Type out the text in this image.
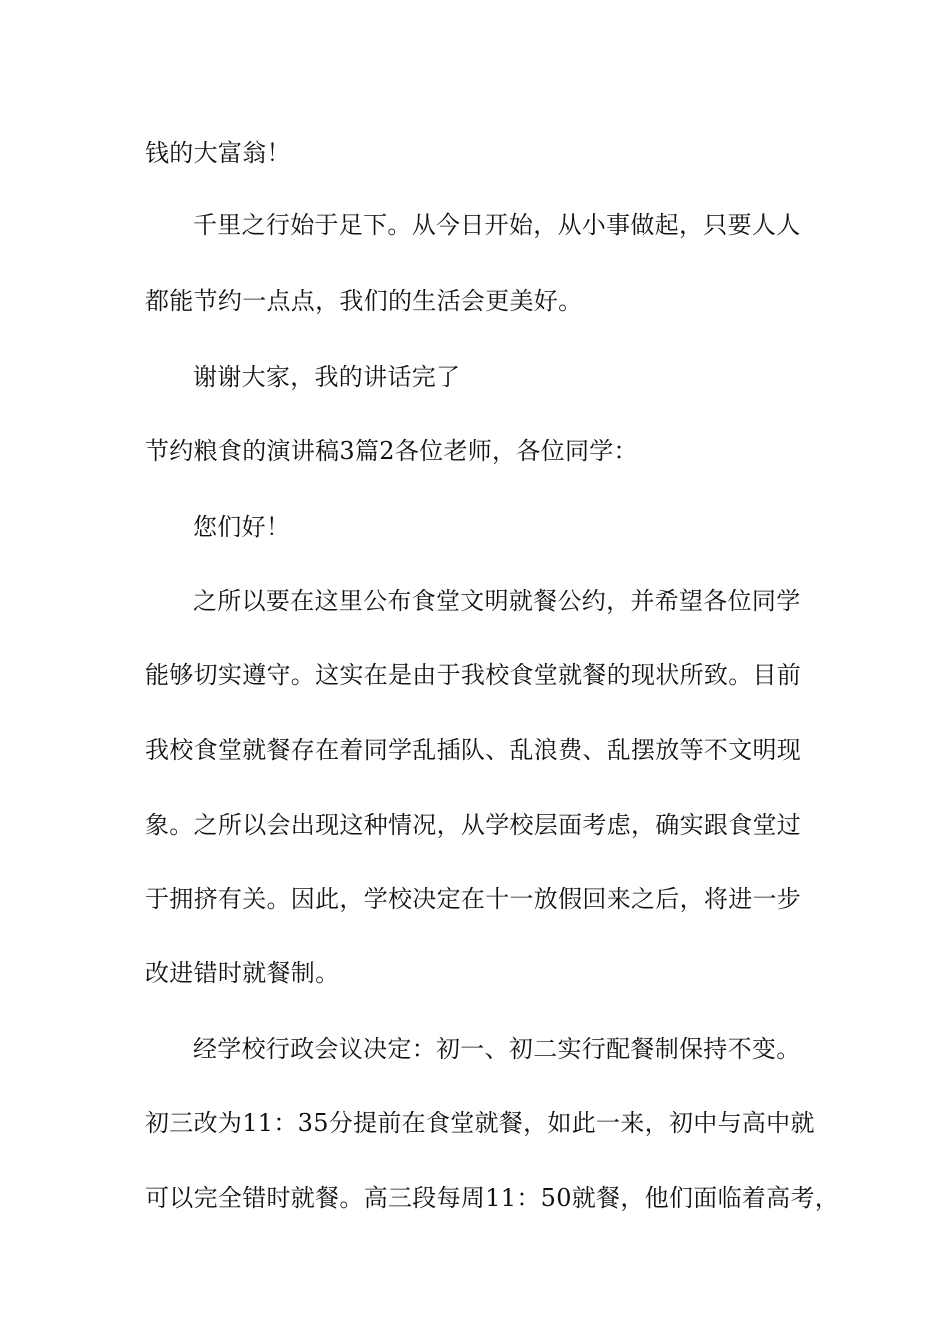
钱的大富翁！
千里之行始于足下。从今日开始，从小事做起，只要人人
都能节约一点点，我们的生活会更美好。
谢谢大家，我的讲话完了
节约粮食的演讲稿3篇2各位老师，各位同学：
您们好！
之所以要在这里公布食堂文明就餐公约，并希望各位同学
能够切实遵守。这实在是由于我校食堂就餐的现状所致。目前
我校食堂就餐存在着同学乱插队、乱浪费、乱摆放等不文明现
象。之所以会出现这种情况，从学校层面考虑，确实跟食堂过
于拥挤有关。因此，学校决定在十一放假回来之后，将进一步
改进错时就餐制。
经学校行政会议决定：初一、初二实行配餐制保持不变。
初三改为11：35分提前在食堂就餐，如此一来，初中与高中就
可以完全错时就餐。高三段每周11：50就餐，他们面临着高考，
